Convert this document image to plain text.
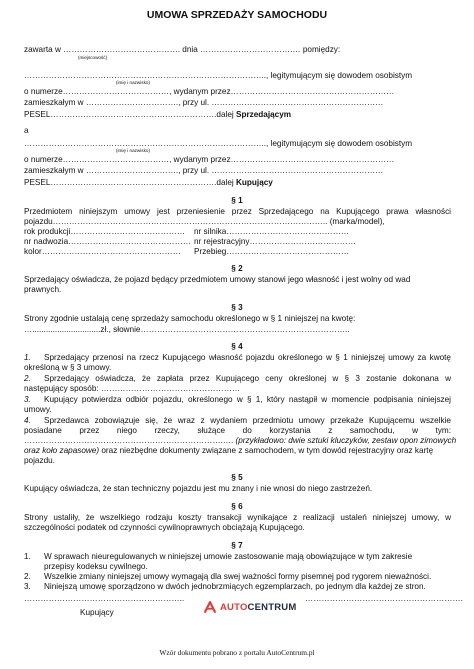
UMOWA SPRZEDAŻY SAMOCHODU
zawarta w ……………………………………. dnia …………………………….… pomiędzy:
(miejscowość)
…………………………………………………………………………….., legitymującym się dowodem osobistym
(imię i nazwisko)
o numerze…………………………………, wydanym przez……………………………………………………
zamieszkałym w ……………………………., przy ul. ………………………………………………………
PESEL…………………………………………………….dalej Sprzedającym
a
…………………………………………………………………………….., legitymującym się dowodem osobistym
(imię i nazwisko)
o numerze…………………………………, wydanym przez……………………………………………………
zamieszkałym w ……………………………., przy ul. ………………………………………………………
PESEL…………………………………………………….dalej Kupujący
§ 1
Przedmiotem niniejszym umowy jest przeniesienie przez Sprzedającego na Kupującego prawa własności
pojazdu……………………………………………………………………………………….. (marka/model),
rok produkcji…………………………………… nr silnika………………………………………
nr nadwozia……………………………………… nr rejestracyjny…………………………………
kolor…………………………………………… Przebieg………………………………………
§ 2
Sprzedający oświadcza, że pojazd będący przedmiotem umowy stanowi jego własność i jest wolny od wad
prawnych.
§ 3
Strony zgodnie ustalają cenę sprzedaży samochodu określonego w § 1 niniejszej na kwotę:
…..............................zł., słownie…………………………………………………………………..
§ 4
1. Sprzedający przenosi na rzecz Kupującego własność pojazdu określonego w § 1 niniejszej umowy za kwotę
określoną w § 3 umowy.
2. Sprzedający oświadcza, że zapłata przez Kupującego ceny określonej w § 3 zostanie dokonana w
następujący sposób: ……………………………………………
3. Kupujący potwierdza odbiór pojazdu, określonego w § 1, który nastąpił w momencie podpisania niniejszej
umowy.
4. Sprzedawca zobowiązuje się, że wraz z wydaniem przedmiotu umowy przekaże Kupującemu wszelkie
posiadane przez niego rzeczy, służące do korzystania z samochodu, w tym:
……………………………………………………………….…. (przykładowo: dwie sztuki kluczyków, zestaw opon zimowych
oraz koło zapasowe) oraz niezbędne dokumenty związane z samochodem, w tym dowód rejestracyjny oraz kartę
pojazdu.
§ 5
Kupujący oświadcza, że stan techniczny pojazdu jest mu znany i nie wnosi do niego zastrzeżeń.
§ 6
Strony ustaliły, że wszelkiego rodzaju koszty transakcji wynikające z realizacji ustaleń niniejszej umowy, w
szczególności podatek od czynności cywilnoprawnych obciążają Kupującego.
§ 7
1. W sprawach nieuregulowanych w niniejszej umowie zastosowanie mają obowiązujące w tym zakresie
przepisy kodeksu cywilnego.
2. Wszelkie zmiany niniejszej umowy wymagają dla swej ważności formy pisemnej pod rygorem nieważności.
3. Niniejszą umowę sporządzono w dwóch jednobrzmiących egzemplarzach, po jednym dla każdej ze stron.
…………………………………………………..	………………………………………………….
Kupujący	AUTOCENTRUM
Wzór dokumentu pobrano z portalu AutoCentrum.pl
